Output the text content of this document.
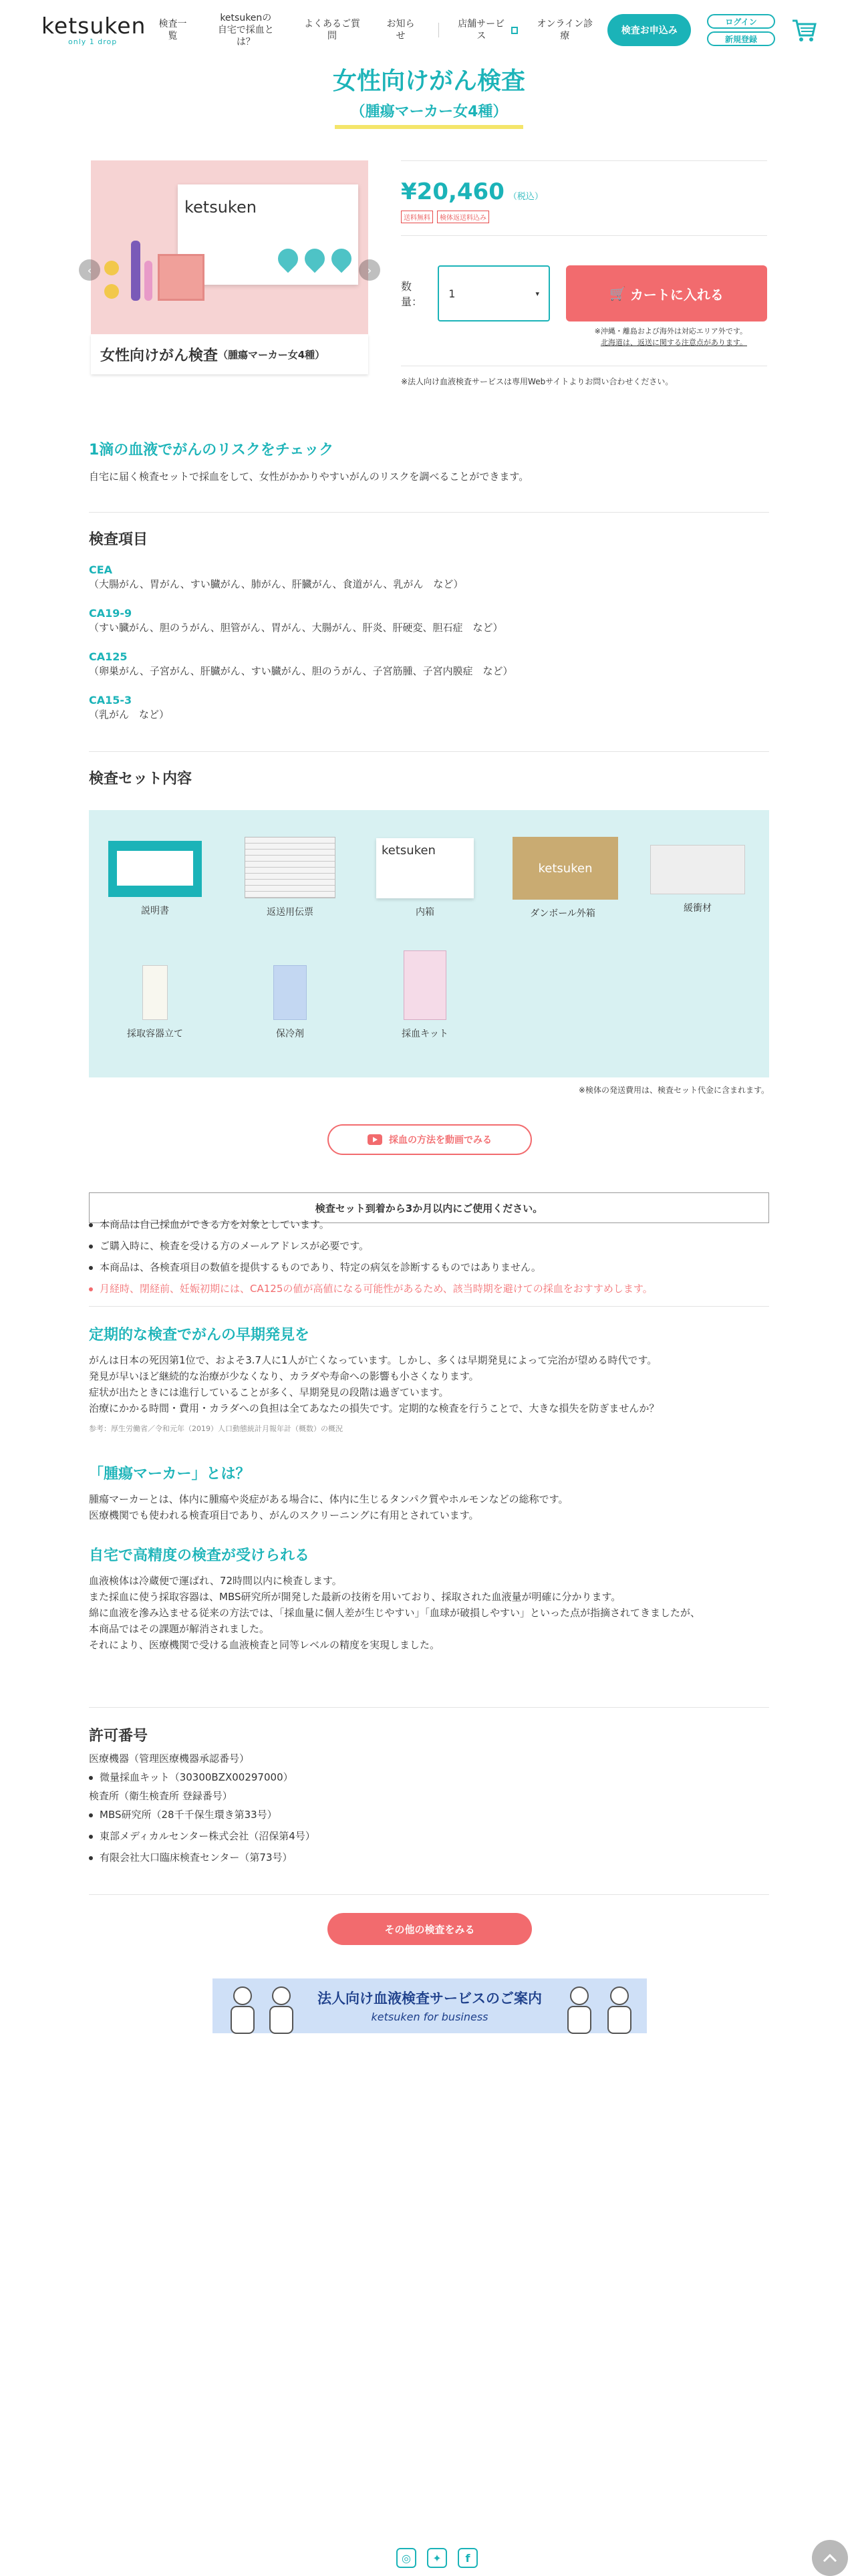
ketsuken
only 1 drop
検査一覧
ketsukenの
自宅で採血とは？
よくあるご質問
お知らせ
店舗サービス
オンライン診療	検査お申込み
ログイン
新規登録
女性向けがん検査
（腫瘍マーカー女4種）
ketsuken
‹	›
女性向けがん検査 （腫瘍マーカー女4種）
¥20,460 （税込）
送料無料	検体返送料込み
数量：
1	▾	🛒 カートに入れる
※沖縄・離島および海外は対応エリア外です。
北海道は、返送に関する注意点があります。
※法人向け血液検査サービスは専用Webサイトよりお問い合わせください。
1滴の血液でがんのリスクをチェック
自宅に届く検査セットで採血をして、女性がかかりやすいがんのリスクを調べることができます。
検査項目
CEA
（大腸がん、胃がん、すい臓がん、肺がん、肝臓がん、食道がん、乳がん　など）
CA19-9
（すい臓がん、胆のうがん、胆管がん、胃がん、大腸がん、肝炎、肝硬変、胆石症　など）
CA125
（卵巣がん、子宮がん、肝臓がん、すい臓がん、胆のうがん、子宮筋腫、子宮内膜症　など）
CA15-3
（乳がん　など）
検査セット内容
説明書	返送用伝票
ketsuken
内箱
ketsuken
ダンボール外箱	緩衝材
採取容器立て	保冷剤	採血キット
※検体の発送費用は、検査セット代金に含まれます。
採血の方法を動画でみる
検査セット到着から3か月以内にご使用ください。
本商品は自己採血ができる方を対象としています。
ご購入時に、検査を受ける方のメールアドレスが必要です。
本商品は、各検査項目の数値を提供するものであり、特定の病気を診断するものではありません。
月経時、閉経前、妊娠初期には、CA125の値が高値になる可能性があるため、該当時期を避けての採血をおすすめします。
定期的な検査でがんの早期発見を
がんは日本の死因第1位で、およそ3.7人に1人が亡くなっています。しかし、多くは早期発見によって完治が望める時代です。
発見が早いほど継続的な治療が少なくなり、カラダや寿命への影響も小さくなります。
症状が出たときには進行していることが多く、早期発見の段階は過ぎています。
治療にかかる時間・費用・カラダへの負担は全てあなたの損失です。定期的な検査を行うことで、大きな損失を防ぎませんか？
参考：厚生労働省／令和元年（2019）人口動態統計月報年計（概数）の概況
「腫瘍マーカー」とは？
腫瘍マーカーとは、体内に腫瘍や炎症がある場合に、体内に生じるタンパク質やホルモンなどの総称です。
医療機関でも使われる検査項目であり、がんのスクリーニングに有用とされています。
自宅で高精度の検査が受けられる
血液検体は冷蔵便で運ばれ、72時間以内に検査します。
また採血に使う採取容器は、MBS研究所が開発した最新の技術を用いており、採取された血液量が明確に分かります。
綿に血液を滲み込ませる従来の方法では、「採血量に個人差が生じやすい」「血球が破損しやすい」といった点が指摘されてきましたが、
本商品ではその課題が解消されました。
それにより、医療機関で受ける血液検査と同等レベルの精度を実現しました。
許可番号
医療機器（管理医療機器承認番号）
微量採血キット（30300BZX00297000）
検査所（衛生検査所 登録番号）
MBS研究所（28千千保生環き第33号）
東部メディカルセンター株式会社（沼保第4号）
有限会社大口臨床検査センター（第73号）
その他の検査をみる
法人向け血液検査サービスのご案内
ketsuken for business
◎	✦	f
